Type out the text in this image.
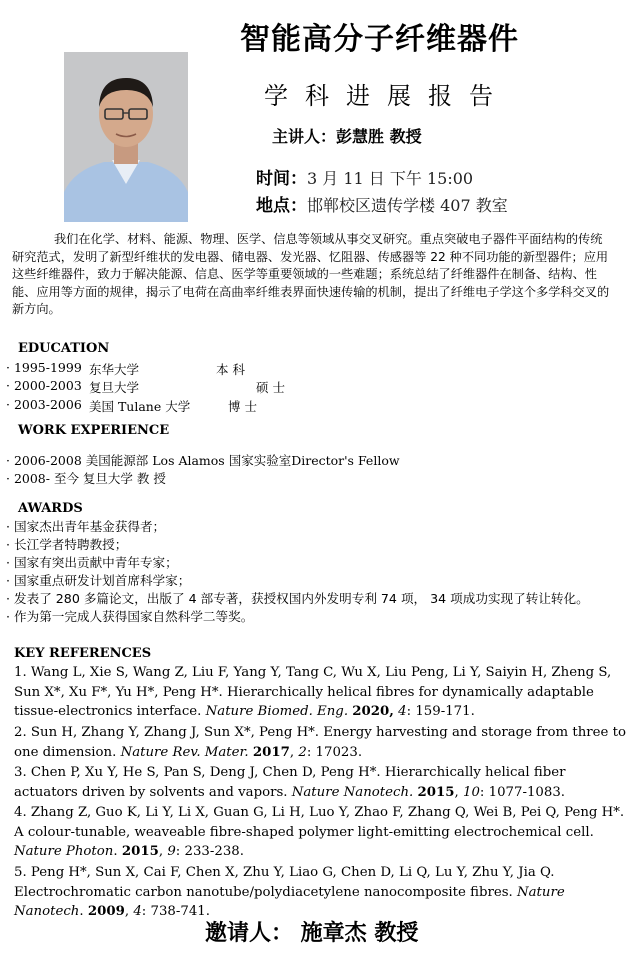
智能高分子纤维器件
学科进展报告
主讲人：彭慧胜 教授
时间：3 月 11 日 下午 15:00
地点：邯郸校区遗传学楼 407 教室
我们在化学、材料、能源、物理、医学、信息等领域从事交叉研究。重点突破电子器件平面结构的传统研究范式，发明了新型纤维状的发电器、储电器、发光器、忆阻器、传感器等 22 种不同功能的新型器件；应用这些纤维器件，致力于解决能源、信息、医学等重要领域的一些难题；系统总结了纤维器件在制备、结构、性能、应用等方面的规律，揭示了电荷在高曲率纤维表界面快速传输的机制，提出了纤维电子学这个多学科交叉的新方向。
EDUCATION
· 1995-1999 东华大学	本 科
· 2000-2003 复旦大学	硕 士
· 2003-2006 美国 Tulane 大学	博 士
WORK EXPERIENCE
· 2006-2008 美国能源部 Los Alamos 国家实验室Director's Fellow
· 2008- 至今 复旦大学 教 授
AWARDS
· 国家杰出青年基金获得者；
· 长江学者特聘教授；
· 国家有突出贡献中青年专家；
· 国家重点研发计划首席科学家；
· 发表了 280 多篇论文，出版了 4 部专著，获授权国内外发明专利 74 项， 34 项成功实现了转让转化。
· 作为第一完成人获得国家自然科学二等奖。
KEY REFERENCES
1. Wang L, Xie S, Wang Z, Liu F, Yang Y, Tang C, Wu X, Liu Peng, Li Y, Saiyin H, Zheng S, Sun X*, Xu F*, Yu H*, Peng H*. Hierarchically helical fibres for dynamically adaptable tissue-electronics interface. Nature Biomed. Eng. 2020, 4: 159-171.
2. Sun H, Zhang Y, Zhang J, Sun X*, Peng H*. Energy harvesting and storage from three to one dimension. Nature Rev. Mater. 2017, 2: 17023.
3. Chen P, Xu Y, He S, Pan S, Deng J, Chen D, Peng H*. Hierarchically helical fiber actuators driven by solvents and vapors. Nature Nanotech. 2015, 10: 1077-1083.
4. Zhang Z, Guo K, Li Y, Li X, Guan G, Li H, Luo Y, Zhao F, Zhang Q, Wei B, Pei Q, Peng H*. A colour-tunable, weaveable fibre-shaped polymer light-emitting electrochemical cell. Nature Photon. 2015, 9: 233-238.
5. Peng H*, Sun X, Cai F, Chen X, Zhu Y, Liao G, Chen D, Li Q, Lu Y, Zhu Y, Jia Q. Electrochromatic carbon nanotube/polydiacetylene nanocomposite fibres. Nature Nanotech. 2009, 4: 738-741.
邀请人： 施章杰 教授
